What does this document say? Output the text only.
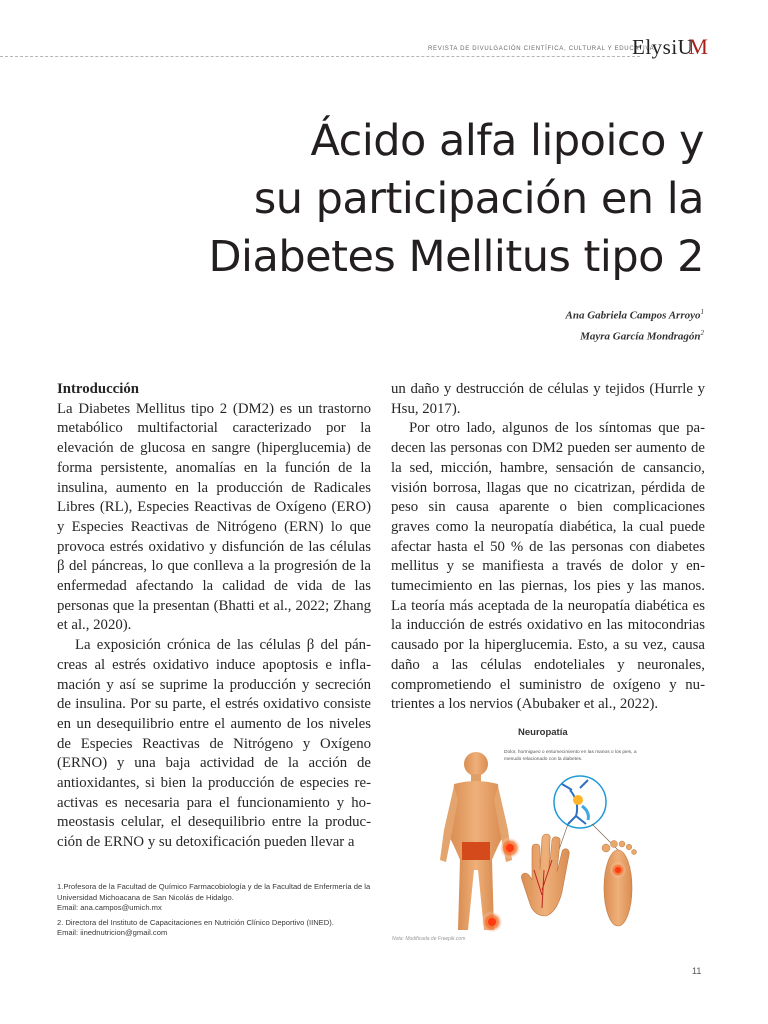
REVISTA DE DIVULGACIÓN CIENTÍFICA, CULTURAL Y EDUCATIVA
ElysiUM
Ácido alfa lipoico y
su participación en la
Diabetes Mellitus tipo 2
Ana Gabriela Campos Arroyo$^1$
Mayra García Mondragón$^2$

Introducción

La Diabetes Mellitus tipo 2 (DM2) es un trastorno metabólico multifactorial caracterizado por la elevación de glucosa en sangre (hiperglucemia) de forma persistente, anomalías en la función de la insulina, aumento en la producción de Radicales Libres (RL), Especies Reactivas de Oxígeno (ERO) y Especies Reactivas de Nitrógeno (ERN) lo que provoca estrés oxidativo y disfunción de las células β del páncreas, lo que conlleva a la progresión de la enfermedad afectando la calidad de vida de las personas que la presentan (Bhatti et al., 2022; Zhang et al., 2020).

La exposición crónica de las células β del páncreas al estrés oxidativo induce apoptosis e inflamación y así se suprime la producción y secreción de insulina. Por su parte, el estrés oxidativo consiste en un desequilibrio entre el aumento de los niveles de Especies Reactivas de Nitrógeno y Oxígeno (ERNO) y una baja actividad de la acción de antioxidantes, si bien la producción de especies reactivas es necesaria para el funcionamiento y homeostasis celular, el desequilibrio entre la producción de ERNO y su detoxificación pueden llevar a

un daño y destrucción de células y tejidos (Hurrle y Hsu, 2017).

Por otro lado, algunos de los síntomas que padecen las personas con DM2 pueden ser aumento de la sed, micción, hambre, sensación de cansancio, visión borrosa, llagas que no cicatrizan, pérdida de peso sin causa aparente o bien complicaciones graves como la neuropatía diabética, la cual puede afectar hasta el 50 % de las personas con diabetes mellitus y se manifiesta a través de dolor y entumecimiento en las piernas, los pies y las manos. La teoría más aceptada de la neuropatía diabética es la inducción de estrés oxidativo en las mitocondrias causado por la hiperglucemia. Esto, a su vez, causa daño a las células endoteliales y neuronales, comprometiendo el suministro de oxígeno y nutrientes a los nervios (Abubaker et al., 2022).

1.Profesora de la Facultad de Químico Farmacobiología y de la Facultad de Enfermería de la Universidad Michoacana de San Nicolás de Hidalgo.
Email: ana.campos@umich.mx

2. Directora del Instituto de Capacitaciones en Nutrición Clínico Deportivo (IINED).
Email: iinednutricion@gmail.com

Neuropatía
Dolor, hormigueo o entumecimiento en las manos o los pies, a menudo relacionado con la diabetes.
Nota: Modificada de Freepik.com
11
